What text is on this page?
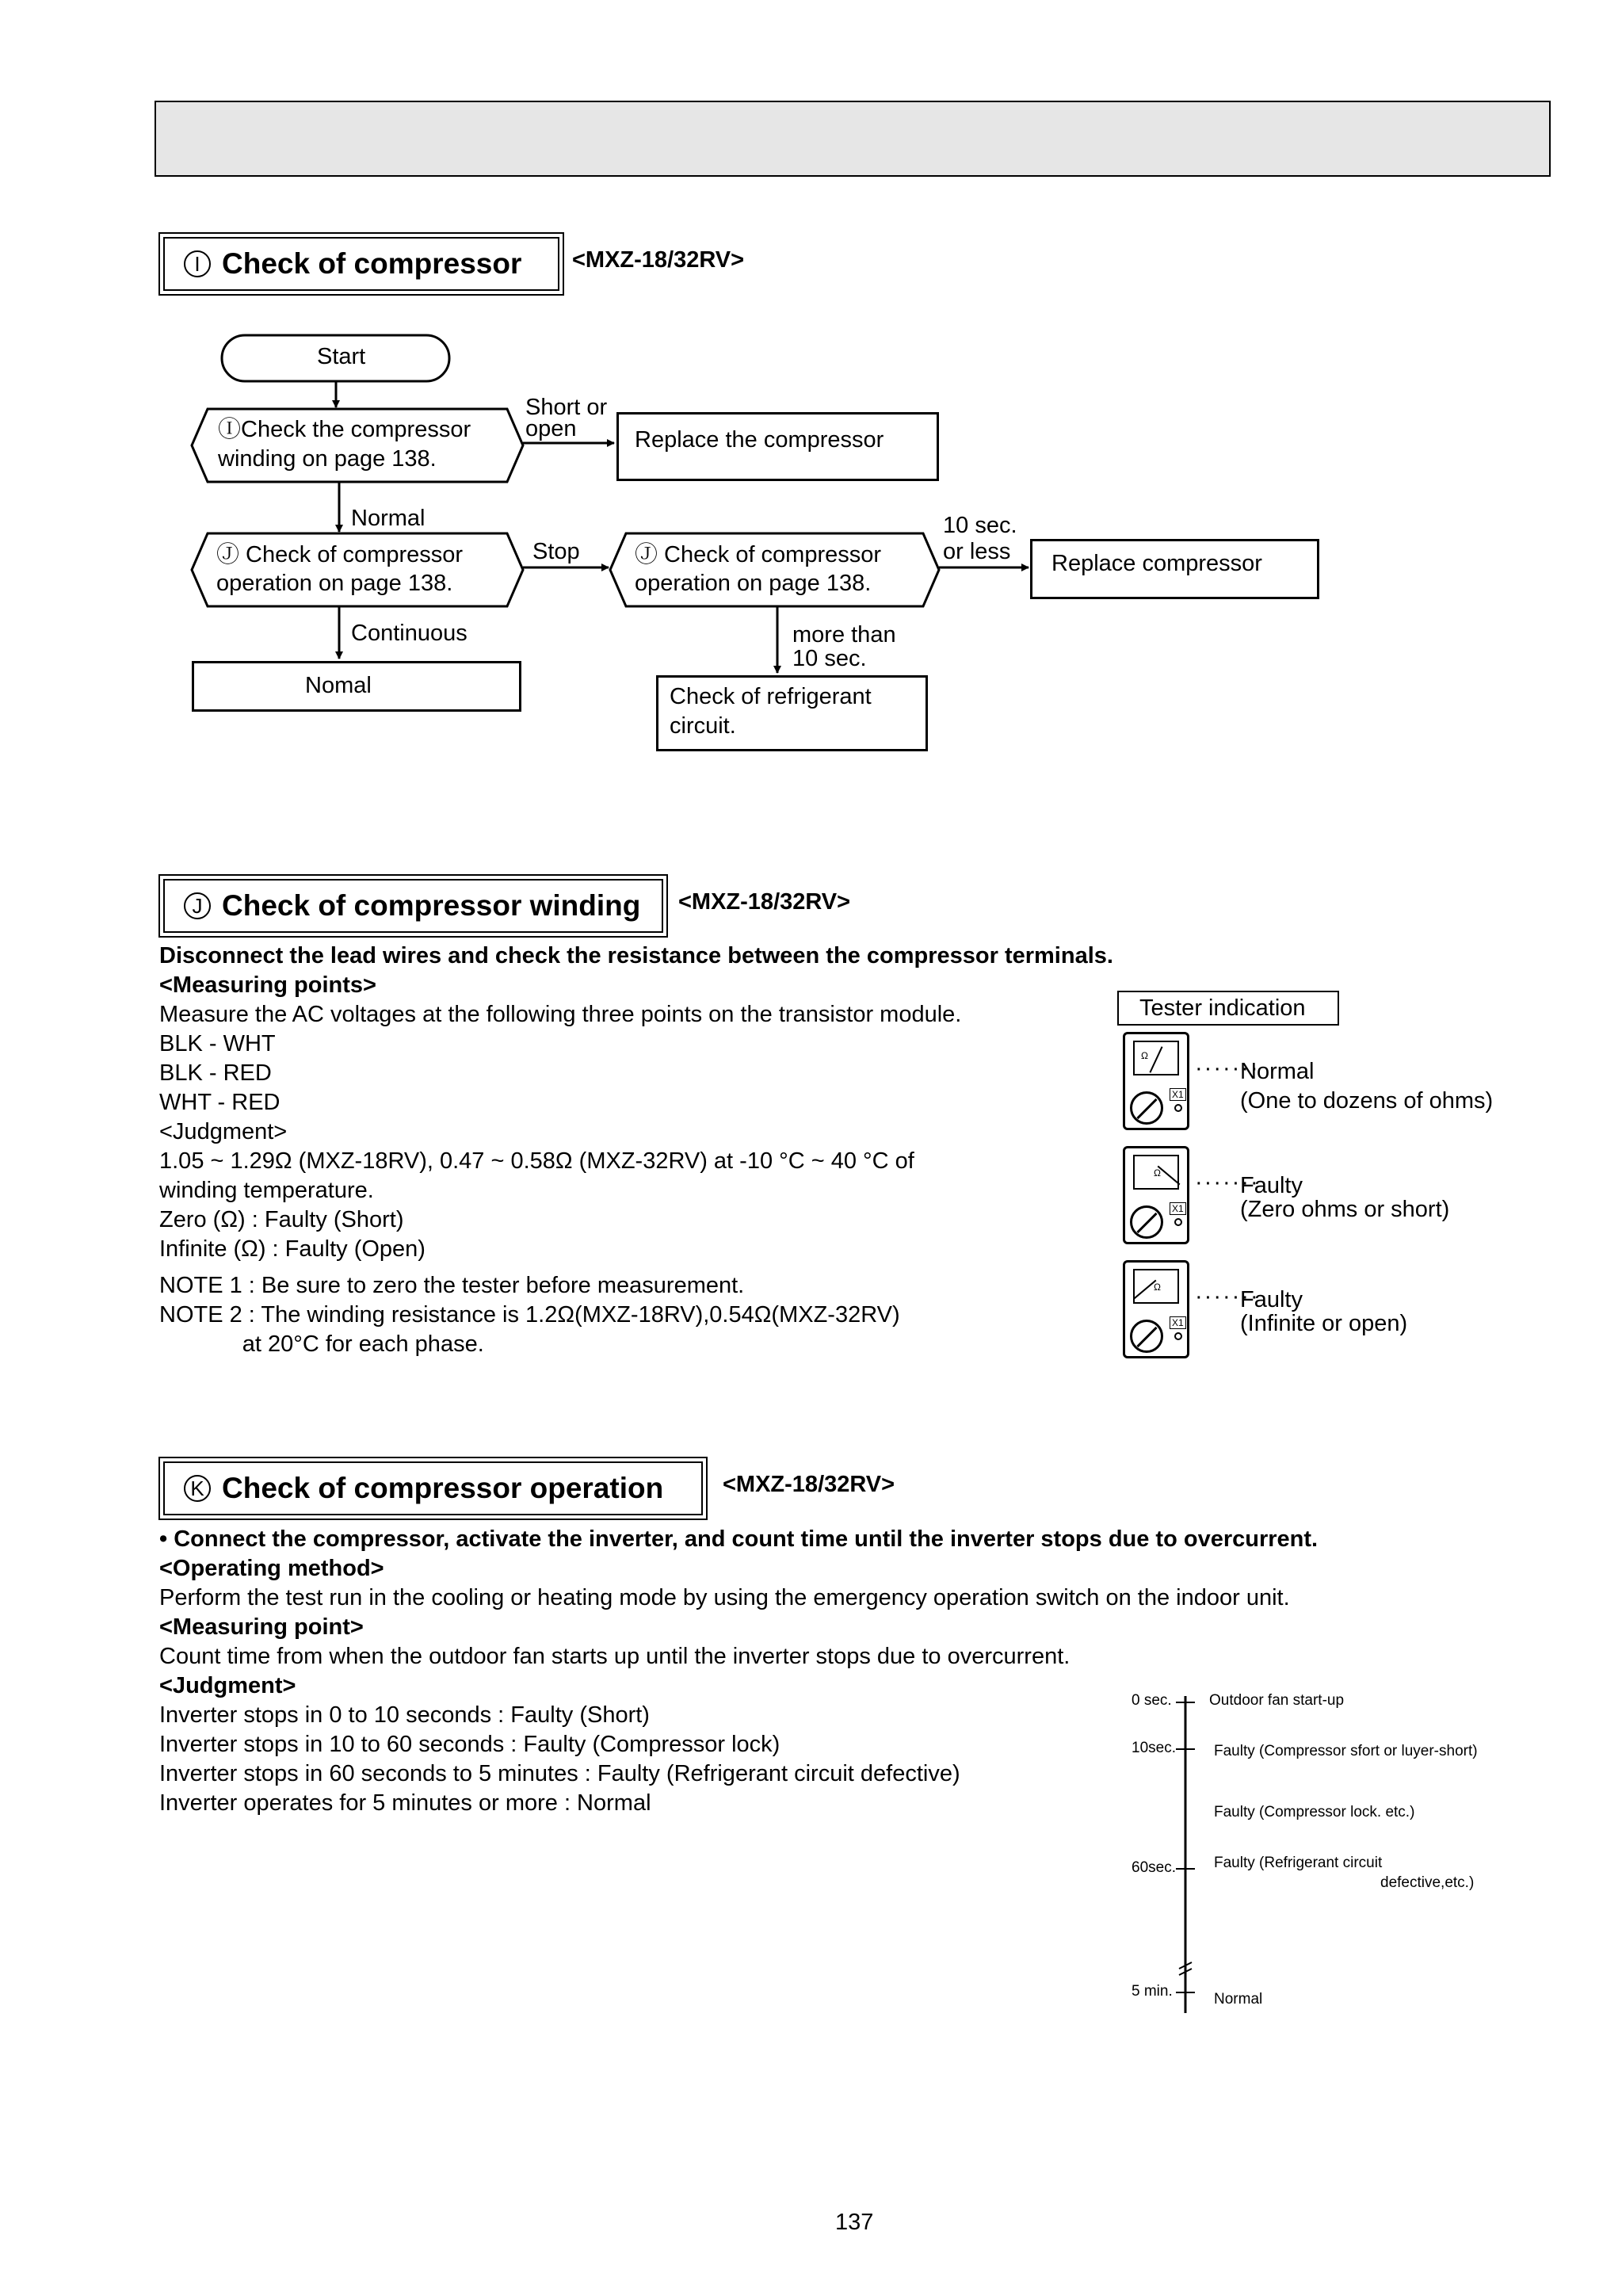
I Check of compressor <MXZ-18/32RV>
Start
ⒾCheck the compressor
winding on page 138.
Short or
open	Replace the compressor
Normal
Ⓙ Check of compressor
operation on page 138.
Stop Ⓙ Check of compressor
operation on page 138.
10 sec.
or less	Replace compressor
Continuous
Nomal
more than
10 sec.
Check of refrigerant
circuit.
J Check of compressor winding <MXZ-18/32RV>
Disconnect the lead wires and check the resistance between the compressor terminals.
<Measuring points>
Measure the AC voltages at the following three points on the transistor module.
BLK - WHT
BLK - RED
WHT - RED
<Judgment>
1.05 ~ 1.29Ω (MXZ-18RV), 0.47 ~ 0.58Ω (MXZ-32RV) at -10 °C ~ 40 °C of
winding temperature.
Zero (Ω) : Faulty (Short)
Infinite (Ω) : Faulty (Open)
NOTE 1 : Be sure to zero the tester before measurement.
NOTE 2 : The winding resistance is 1.2Ω(MXZ-18RV),0.54Ω(MXZ-32RV)
at 20°C for each phase.
Tester indication
Ω
X1
·······
Normal
(One to dozens of ohms)
Ω
X1
·······
Faulty
(Zero ohms or short)
Ω
X1
·······
Faulty
(Infinite or open)
K Check of compressor operation	<MXZ-18/32RV>
• Connect the compressor, activate the inverter, and count time until the inverter stops due to overcurrent.
<Operating method>
Perform the test run in the cooling or heating mode by using the emergency operation switch on the indoor unit.
<Measuring point>
Count time from when the outdoor fan starts up until the inverter stops due to overcurrent.
<Judgment>
Inverter stops in 0 to 10 seconds : Faulty (Short)
Inverter stops in 10 to 60 seconds : Faulty (Compressor lock)
Inverter stops in 60 seconds to 5 minutes : Faulty (Refrigerant circuit defective)
Inverter operates for 5 minutes or more : Normal
0 sec.
10sec.
60sec.
5 min.
Outdoor fan start-up
Faulty (Compressor sfort or luyer-short)
Faulty (Compressor lock. etc.)
Faulty (Refrigerant circuit
defective,etc.)
Normal
137
